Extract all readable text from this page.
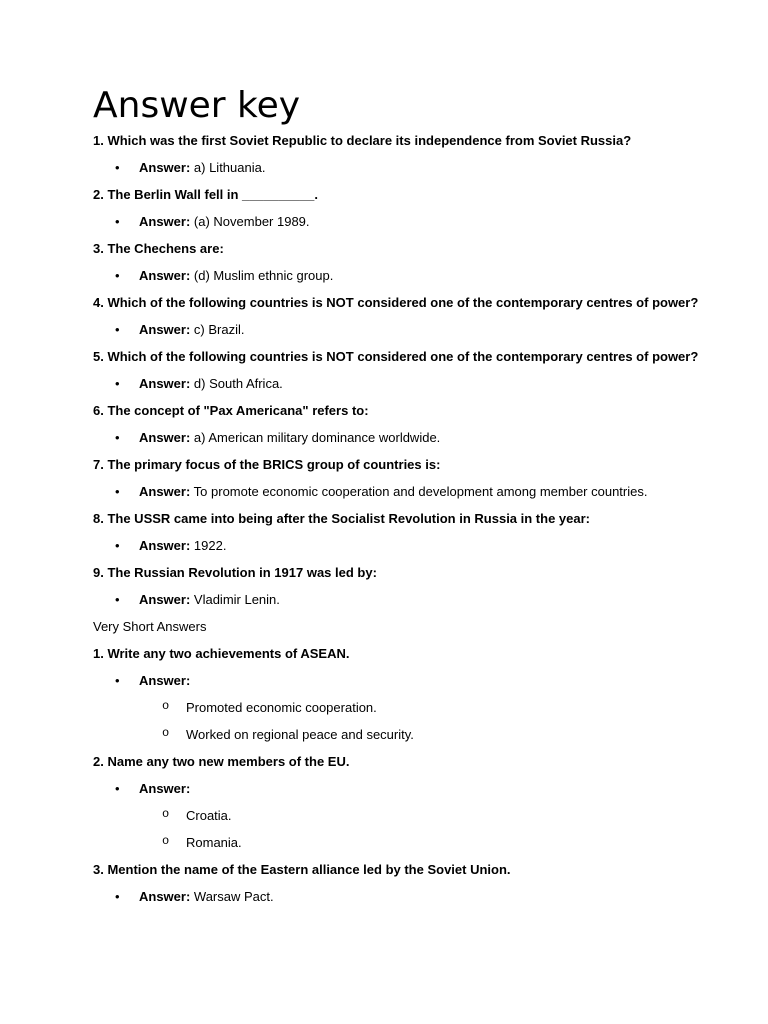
Answer key

1. Which was the first Soviet Republic to declare its independence from Soviet Russia?

• Answer: a) Lithuania.

2. The Berlin Wall fell in __________.

• Answer: (a) November 1989.

3. The Chechens are:

• Answer: (d) Muslim ethnic group.

4. Which of the following countries is NOT considered one of the contemporary centres of power?

• Answer: c) Brazil.

5. Which of the following countries is NOT considered one of the contemporary centres of power?

• Answer: d) South Africa.

6. The concept of "Pax Americana" refers to:

• Answer: a) American military dominance worldwide.

7. The primary focus of the BRICS group of countries is:

• Answer: To promote economic cooperation and development among member countries.

8. The USSR came into being after the Socialist Revolution in Russia in the year:

• Answer: 1922.

9. The Russian Revolution in 1917 was led by:

• Answer: Vladimir Lenin.

Very Short Answers

1. Write any two achievements of ASEAN.

• Answer:
o Promoted economic cooperation.
o Worked on regional peace and security.

2. Name any two new members of the EU.

• Answer:
o Croatia.
o Romania.

3. Mention the name of the Eastern alliance led by the Soviet Union.

• Answer: Warsaw Pact.
